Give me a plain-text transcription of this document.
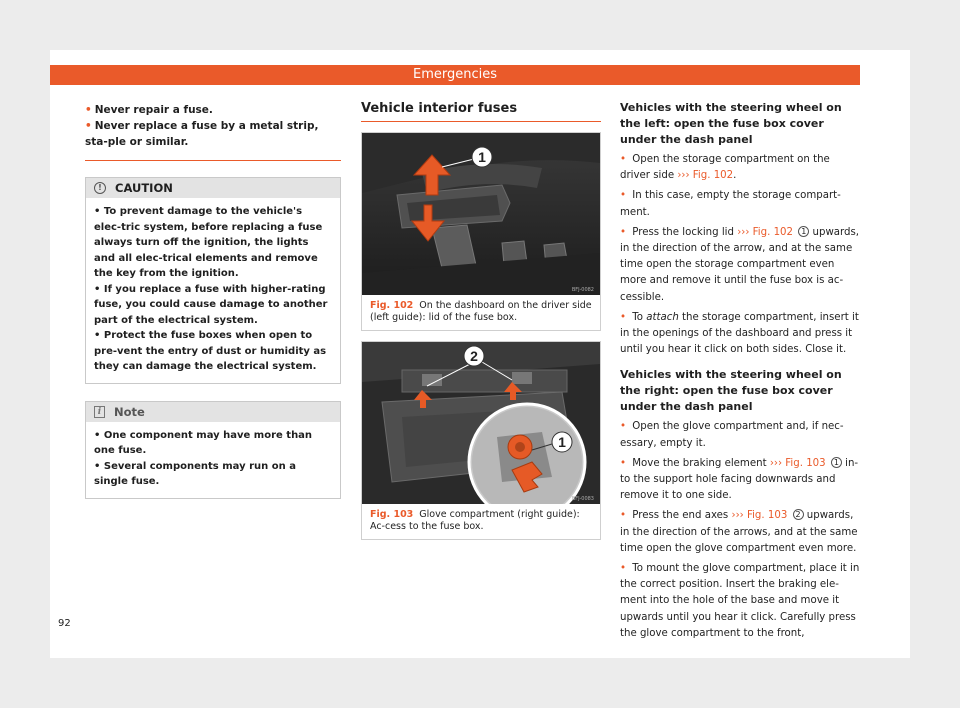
Emergencies
• Never repair a fuse.
• Never replace a fuse by a metal strip, sta-ple or similar.
!	CAUTION
• To prevent damage to the vehicle's elec-tric system, before replacing a fuse always turn off the ignition, the lights and all elec-trical elements and remove the key from the ignition.
• If you replace a fuse with higher-rating fuse, you could cause damage to another part of the electrical system.
• Protect the fuse boxes when open to pre-vent the entry of dust or humidity as they can damage the electrical system.
i	Note
• One component may have more than one fuse.
• Several components may run on a single fuse.
Vehicle interior fuses
1
BFJ-0082
Fig. 102 On the dashboard on the driver side (left guide): lid of the fuse box.
2
1
BFJ-0083
Fig. 103 Glove compartment (right guide): Ac-cess to the fuse box.
Vehicles with the steering wheel on the left: open the fuse box cover under the dash panel
• Open the storage compartment on the driver side ››› Fig. 102.
• In this case, empty the storage compart-ment.
• Press the locking lid ››› Fig. 102 1 upwards, in the direction of the arrow, and at the same time open the storage compartment even more and remove it until the fuse box is ac-cessible.
• To attach the storage compartment, insert it in the openings of the dashboard and press it until you hear it click on both sides. Close it.
Vehicles with the steering wheel on the right: open the fuse box cover under the dash panel
• Open the glove compartment and, if nec-essary, empty it.
• Move the braking element ››› Fig. 103 1 in-to the support hole facing downwards and remove it to one side.
• Press the end axes ››› Fig. 103 2 upwards, in the direction of the arrows, and at the same time open the glove compartment even more.
• To mount the glove compartment, place it in the correct position. Insert the braking ele-ment into the hole of the base and move it upwards until you hear it click. Carefully press the glove compartment to the front,
92
